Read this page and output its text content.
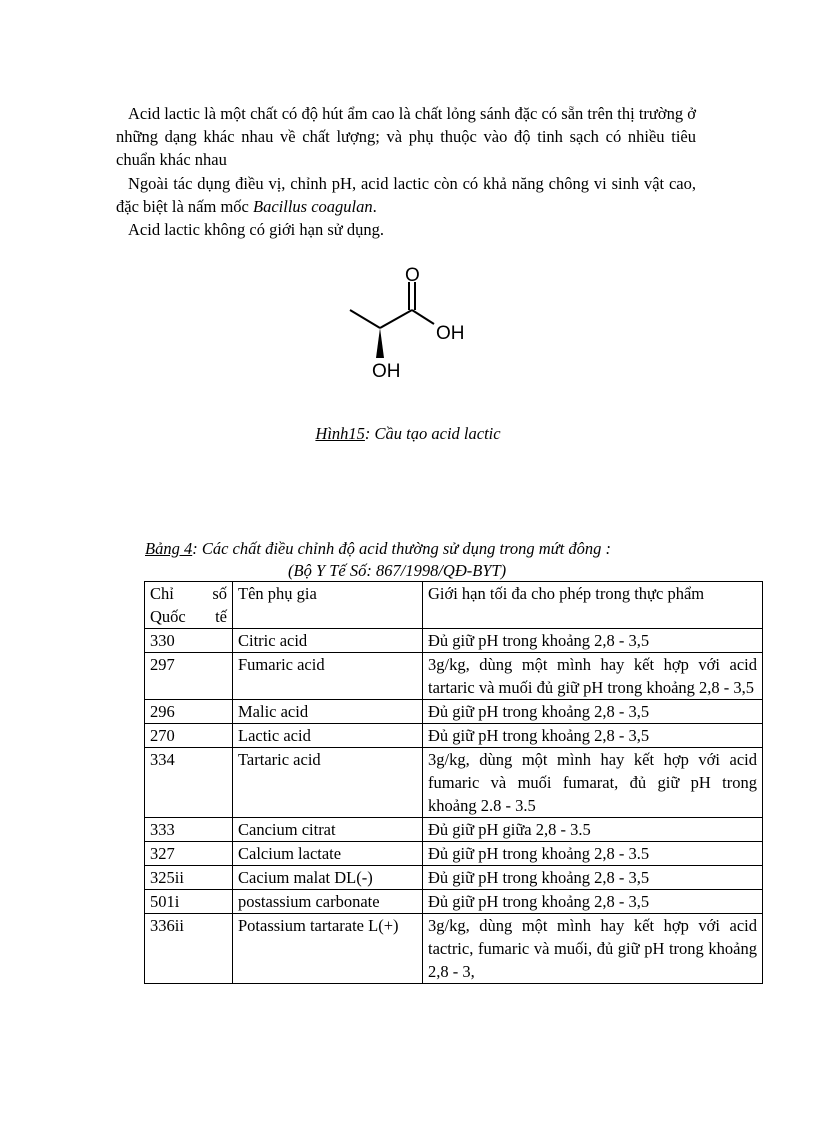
Acid lactic là một chất có độ hút ẩm cao là chất lỏng sánh đặc có sẵn trên thị trường ở những dạng khác nhau về chất lượng; và phụ thuộc vào độ tinh sạch có nhiều tiêu chuẩn khác nhau

Ngoài tác dụng điều vị, chỉnh pH, acid lactic còn có khả năng chông vi sinh vật cao, đặc biệt là nấm mốc Bacillus coagulan.

Acid lactic không có giới hạn sử dụng.

O
OH
OH
Hình15: Cầu tạo acid lactic
Bảng 4: Các chất điều chỉnh độ acid thường sử dụng trong mứt đông :
(Bộ Y Tế Số: 867/1998/QĐ-BYT)
Chỉ số Quốc tế	Tên phụ gia	Giới hạn tối đa cho phép trong thực phẩm
330	Citric acid	Đủ giữ pH trong khoảng 2,8 - 3,5
297	Fumaric acid	3g/kg, dùng một mình hay kết hợp với acid tartaric và muối đủ giữ pH trong khoảng 2,8 - 3,5
296	Malic acid	Đủ giữ pH trong khoảng 2,8 - 3,5
270	Lactic acid	Đủ giữ pH trong khoảng 2,8 - 3,5
334	Tartaric acid	3g/kg, dùng một mình hay kết hợp với acid fumaric và muối fumarat, đủ giữ pH trong khoảng 2.8 - 3.5
333	Cancium citrat	Đủ giữ pH giữa 2,8 - 3.5
327	Calcium lactate	Đủ giữ pH trong khoảng 2,8 - 3.5
325ii	Cacium malat DL(-)	Đủ giữ pH trong khoảng 2,8 - 3,5
501i	postassium carbonate	Đủ giữ pH trong khoảng 2,8 - 3,5
336ii	Potassium tartarate L(+)	3g/kg, dùng một mình hay kết hợp với acid tactric, fumaric và muối, đủ giữ pH trong khoảng 2,8 - 3,
